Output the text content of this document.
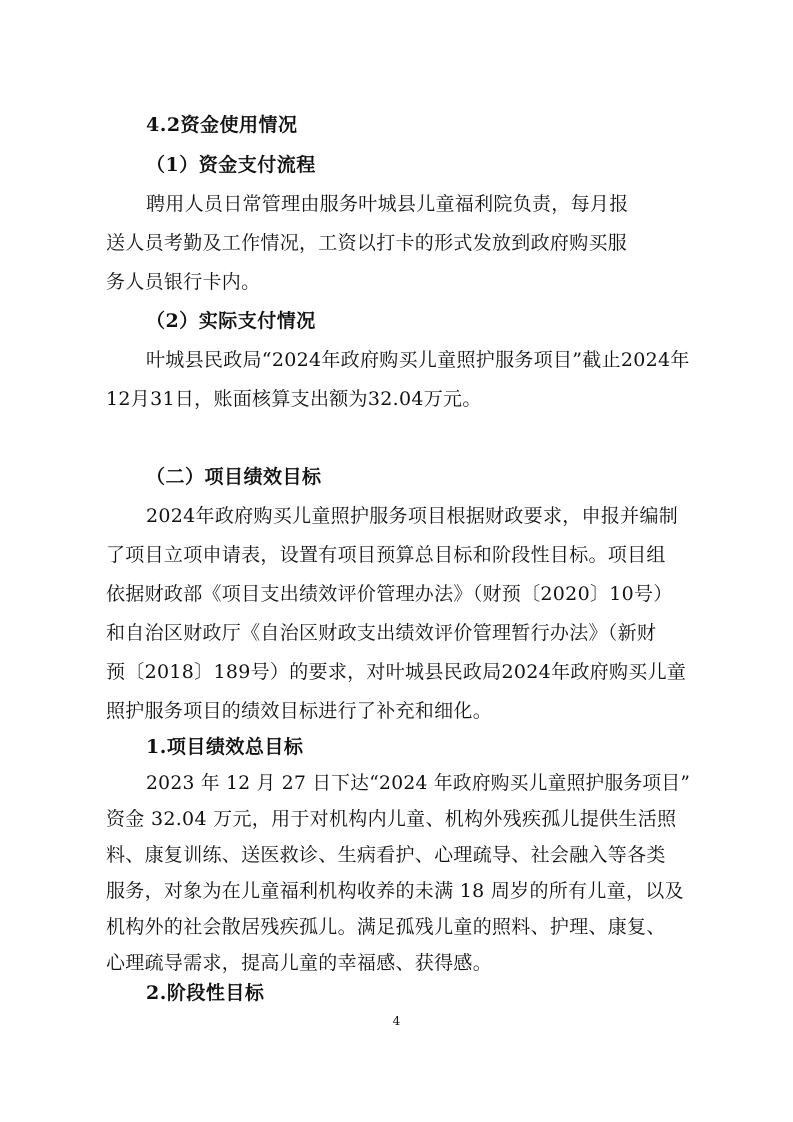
4.2资金使用情况
（1）资金支付流程
聘用人员日常管理由服务叶城县儿童福利院负责，每月报
送人员考勤及工作情况，工资以打卡的形式发放到政府购买服
务人员银行卡内。
（2）实际支付情况
叶城县民政局“2024年政府购买儿童照护服务项目”截止2024年
12月31日，账面核算支出额为32.04万元。
（二）项目绩效目标
2024年政府购买儿童照护服务项目根据财政要求，申报并编制
了项目立项申请表，设置有项目预算总目标和阶段性目标。项目组
依据财政部《项目支出绩效评价管理办法》（财预〔2020〕10号）
和自治区财政厅《自治区财政支出绩效评价管理暂行办法》（新财
预〔2018〕189号）的要求，对叶城县民政局2024年政府购买儿童
照护服务项目的绩效目标进行了补充和细化。
1.项目绩效总目标
2023 年 12 月 27 日下达“2024 年政府购买儿童照护服务项目”
资金 32.04 万元，用于对机构内儿童、机构外残疾孤儿提供生活照
料、康复训练、送医救诊、生病看护、心理疏导、社会融入等各类
服务，对象为在儿童福利机构收养的未满 18 周岁的所有儿童，以及
机构外的社会散居残疾孤儿。满足孤残儿童的照料、护理、康复、
心理疏导需求，提高儿童的幸福感、获得感。
2.阶段性目标
4
